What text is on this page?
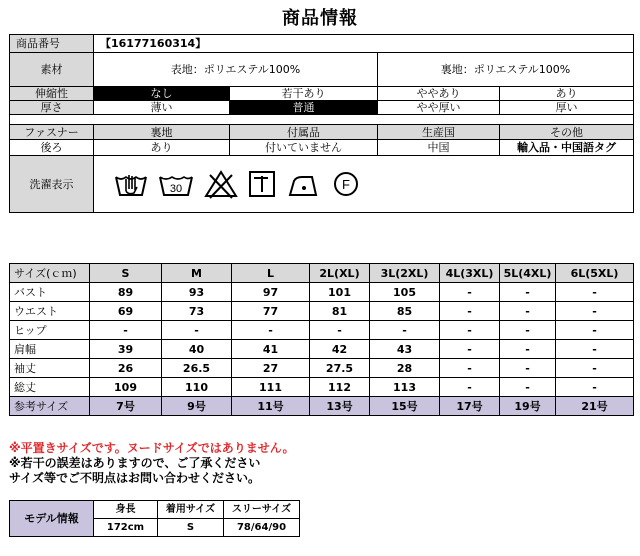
商品情報
商品番号	【16177160314】			
素材	表地：ポリエステル100%		裏地：ポリエステル100%	
伸縮性	なし	若干あり	ややあり	あり
厚さ	薄い	普通	やや厚い	厚い

ファスナー	裏地	付属品	生産国	その他
後ろ	あり	付いていません	中国	輸入品・中国語タグ
洗濯表示	30 F			
サイズ(ｃｍ)	S	M	L	2L(XL)	3L(2XL)	4L(3XL)	5L(4XL)	6L(5XL)
バスト	89	93	97	101	105	-	-	-
ウエスト	69	73	77	81	85	-	-	-
ヒップ	-	-	-	-	-	-	-	-
肩幅	39	40	41	42	43	-	-	-
袖丈	26	26.5	27	27.5	28	-	-	-
総丈	109	110	111	112	113	-	-	-
参考サイズ	7号	9号	11号	13号	15号	17号	19号	21号
※平置きサイズです。ヌードサイズではありません。
※若干の誤差はありますので、ご了承ください
サイズ等でご不明点はお問い合わせください。
モデル情報	身長	着用サイズ	スリーサイズ
	172cm	S	78/64/90
